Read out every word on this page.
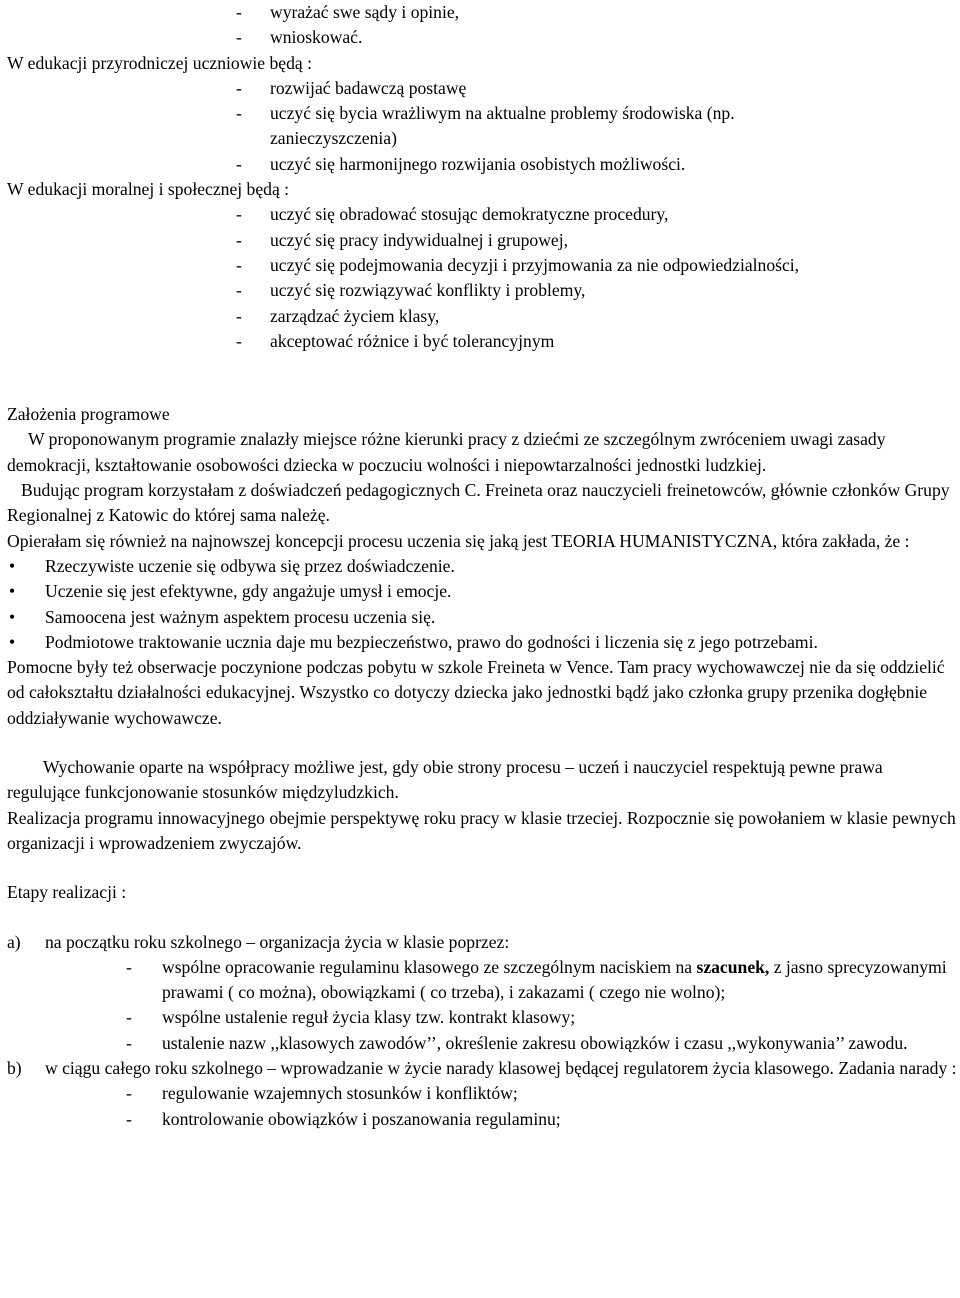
- wyrażać swe sądy i opinie,
- wnioskować.
W edukacji przyrodniczej uczniowie będą :
- rozwijać badawczą postawę
- uczyć się bycia wrażliwym na aktualne problemy środowiska (np.
zanieczyszczenia)
- uczyć się harmonijnego rozwijania osobistych możliwości.
W edukacji moralnej i społecznej będą :
- uczyć się obradować stosując demokratyczne procedury,
- uczyć się pracy indywidualnej i grupowej,
- uczyć się podejmowania decyzji i przyjmowania za nie odpowiedzialności,
- uczyć się rozwiązywać konflikty i problemy,
- zarządzać życiem klasy,
- akceptować różnice i być tolerancyjnym
Założenia programowe
W proponowanym programie znalazły miejsce różne kierunki pracy z dziećmi ze szczególnym zwróceniem uwagi zasady demokracji, kształtowanie osobowości dziecka w poczuciu wolności i niepowtarzalności jednostki ludzkiej.
Budując program korzystałam z doświadczeń pedagogicznych C. Freineta oraz nauczycieli freinetowców, głównie członków Grupy Regionalnej z Katowic do której sama należę.
Opierałam się również na najnowszej koncepcji procesu uczenia się jaką jest TEORIA HUMANISTYCZNA, która zakłada, że :
• Rzeczywiste uczenie się odbywa się przez doświadczenie.
• Uczenie się jest efektywne, gdy angażuje umysł i emocje.
• Samoocena jest ważnym aspektem procesu uczenia się.
• Podmiotowe traktowanie ucznia daje mu bezpieczeństwo, prawo do godności i liczenia się z jego potrzebami.
Pomocne były też obserwacje poczynione podczas pobytu w szkole Freineta w Vence. Tam pracy wychowawczej nie da się oddzielić od całokształtu działalności edukacyjnej. Wszystko co dotyczy dziecka jako jednostki bądź jako członka grupy przenika dogłębnie oddziaływanie wychowawcze.
Wychowanie oparte na współpracy możliwe jest, gdy obie strony procesu – uczeń i nauczyciel respektują pewne prawa regulujące funkcjonowanie stosunków międzyludzkich.
Realizacja programu innowacyjnego obejmie perspektywę roku pracy w klasie trzeciej. Rozpocznie się powołaniem w klasie pewnych organizacji i wprowadzeniem zwyczajów.
Etapy realizacji :
a) na początku roku szkolnego – organizacja życia w klasie poprzez:
- wspólne opracowanie regulaminu klasowego ze szczególnym naciskiem na szacunek, z jasno sprecyzowanymi prawami ( co można), obowiązkami ( co trzeba), i zakazami ( czego nie wolno);
- wspólne ustalenie reguł życia klasy tzw. kontrakt klasowy;
- ustalenie nazw ,,klasowych zawodów’’, określenie zakresu obowiązków i czasu ,,wykonywania’’ zawodu.
b) w ciągu całego roku szkolnego – wprowadzanie w życie narady klasowej będącej regulatorem życia klasowego. Zadania narady :
- regulowanie wzajemnych stosunków i konfliktów;
- kontrolowanie obowiązków i poszanowania regulaminu;
